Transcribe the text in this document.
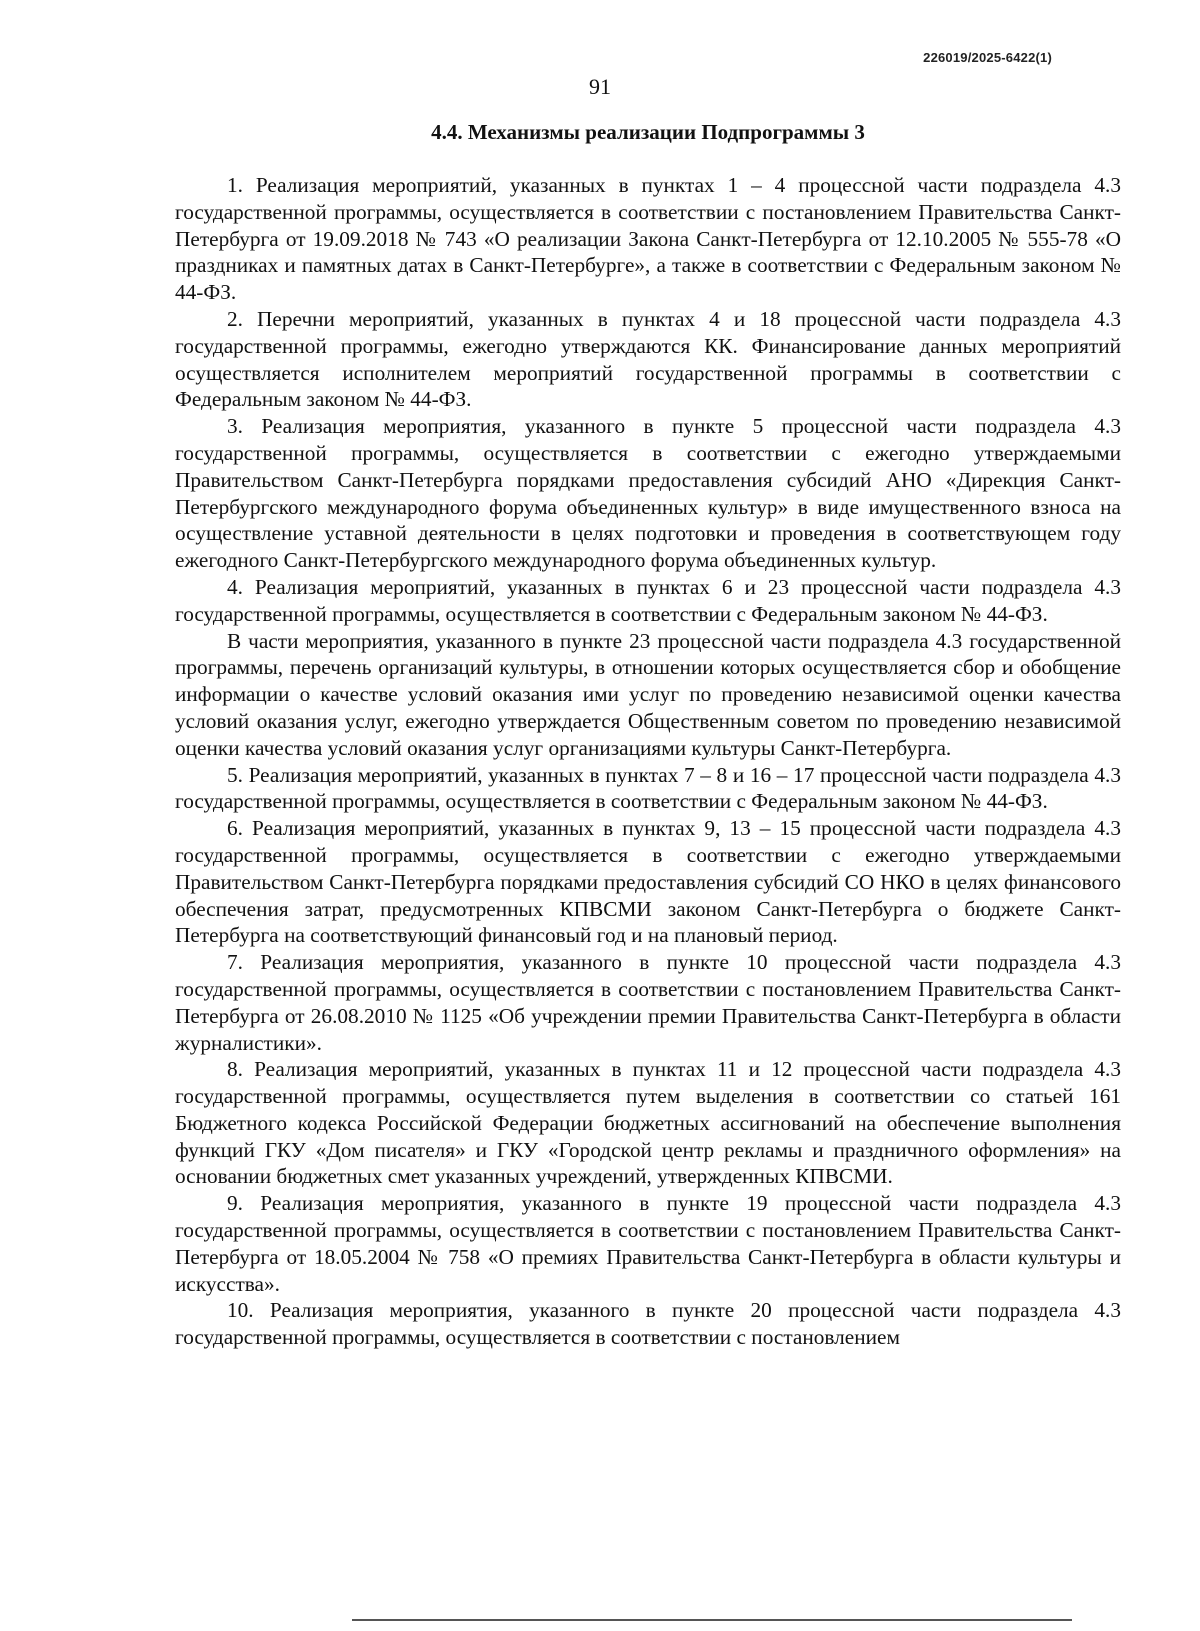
226019/2025-6422(1)
91
4.4. Механизмы реализации Подпрограммы 3

1. Реализация мероприятий, указанных в пунктах 1 – 4 процессной части подраздела 4.3 государственной программы, осуществляется в соответствии с постановлением Правительства Санкт-Петербурга от 19.09.2018 № 743 «О реализации Закона Санкт-Петербурга от 12.10.2005 № 555-78 «О праздниках и памятных датах в Санкт-Петербурге», а также в соответствии с Федеральным законом № 44-ФЗ.

2. Перечни мероприятий, указанных в пунктах 4 и 18 процессной части подраздела 4.3 государственной программы, ежегодно утверждаются КК. Финансирование данных мероприятий осуществляется исполнителем мероприятий государственной программы в соответствии с Федеральным законом № 44-ФЗ.

3. Реализация мероприятия, указанного в пункте 5 процессной части подраздела 4.3 государственной программы, осуществляется в соответствии с ежегодно утверждаемыми Правительством Санкт-Петербурга порядками предоставления субсидий АНО «Дирекция Санкт-Петербургского международного форума объединенных культур» в виде имущественного взноса на осуществление уставной деятельности в целях подготовки и проведения в соответствующем году ежегодного Санкт-Петербургского международного форума объединенных культур.

4. Реализация мероприятий, указанных в пунктах 6 и 23 процессной части подраздела 4.3 государственной программы, осуществляется в соответствии с Федеральным законом № 44-ФЗ.

В части мероприятия, указанного в пункте 23 процессной части подраздела 4.3 государственной программы, перечень организаций культуры, в отношении которых осуществляется сбор и обобщение информации о качестве условий оказания ими услуг по проведению независимой оценки качества условий оказания услуг, ежегодно утверждается Общественным советом по проведению независимой оценки качества условий оказания услуг организациями культуры Санкт-Петербурга.

5. Реализация мероприятий, указанных в пунктах 7 – 8 и 16 – 17 процессной части подраздела 4.3 государственной программы, осуществляется в соответствии с Федеральным законом № 44-ФЗ.

6. Реализация мероприятий, указанных в пунктах 9, 13 – 15 процессной части подраздела 4.3 государственной программы, осуществляется в соответствии с ежегодно утверждаемыми Правительством Санкт-Петербурга порядками предоставления субсидий СО НКО в целях финансового обеспечения затрат, предусмотренных КПВСМИ законом Санкт-Петербурга о бюджете Санкт-Петербурга на соответствующий финансовый год и на плановый период.

7. Реализация мероприятия, указанного в пункте 10 процессной части подраздела 4.3 государственной программы, осуществляется в соответствии с постановлением Правительства Санкт-Петербурга от 26.08.2010 № 1125 «Об учреждении премии Правительства Санкт-Петербурга в области журналистики».

8. Реализация мероприятий, указанных в пунктах 11 и 12 процессной части подраздела 4.3 государственной программы, осуществляется путем выделения в соответствии со статьей 161 Бюджетного кодекса Российской Федерации бюджетных ассигнований на обеспечение выполнения функций ГКУ «Дом писателя» и ГКУ «Городской центр рекламы и праздничного оформления» на основании бюджетных смет указанных учреждений, утвержденных КПВСМИ.

9. Реализация мероприятия, указанного в пункте 19 процессной части подраздела 4.3 государственной программы, осуществляется в соответствии с постановлением Правительства Санкт-Петербурга от 18.05.2004 № 758 «О премиях Правительства Санкт-Петербурга в области культуры и искусства».

10. Реализация мероприятия, указанного в пункте 20 процессной части подраздела 4.3 государственной программы, осуществляется в соответствии с постановлением
